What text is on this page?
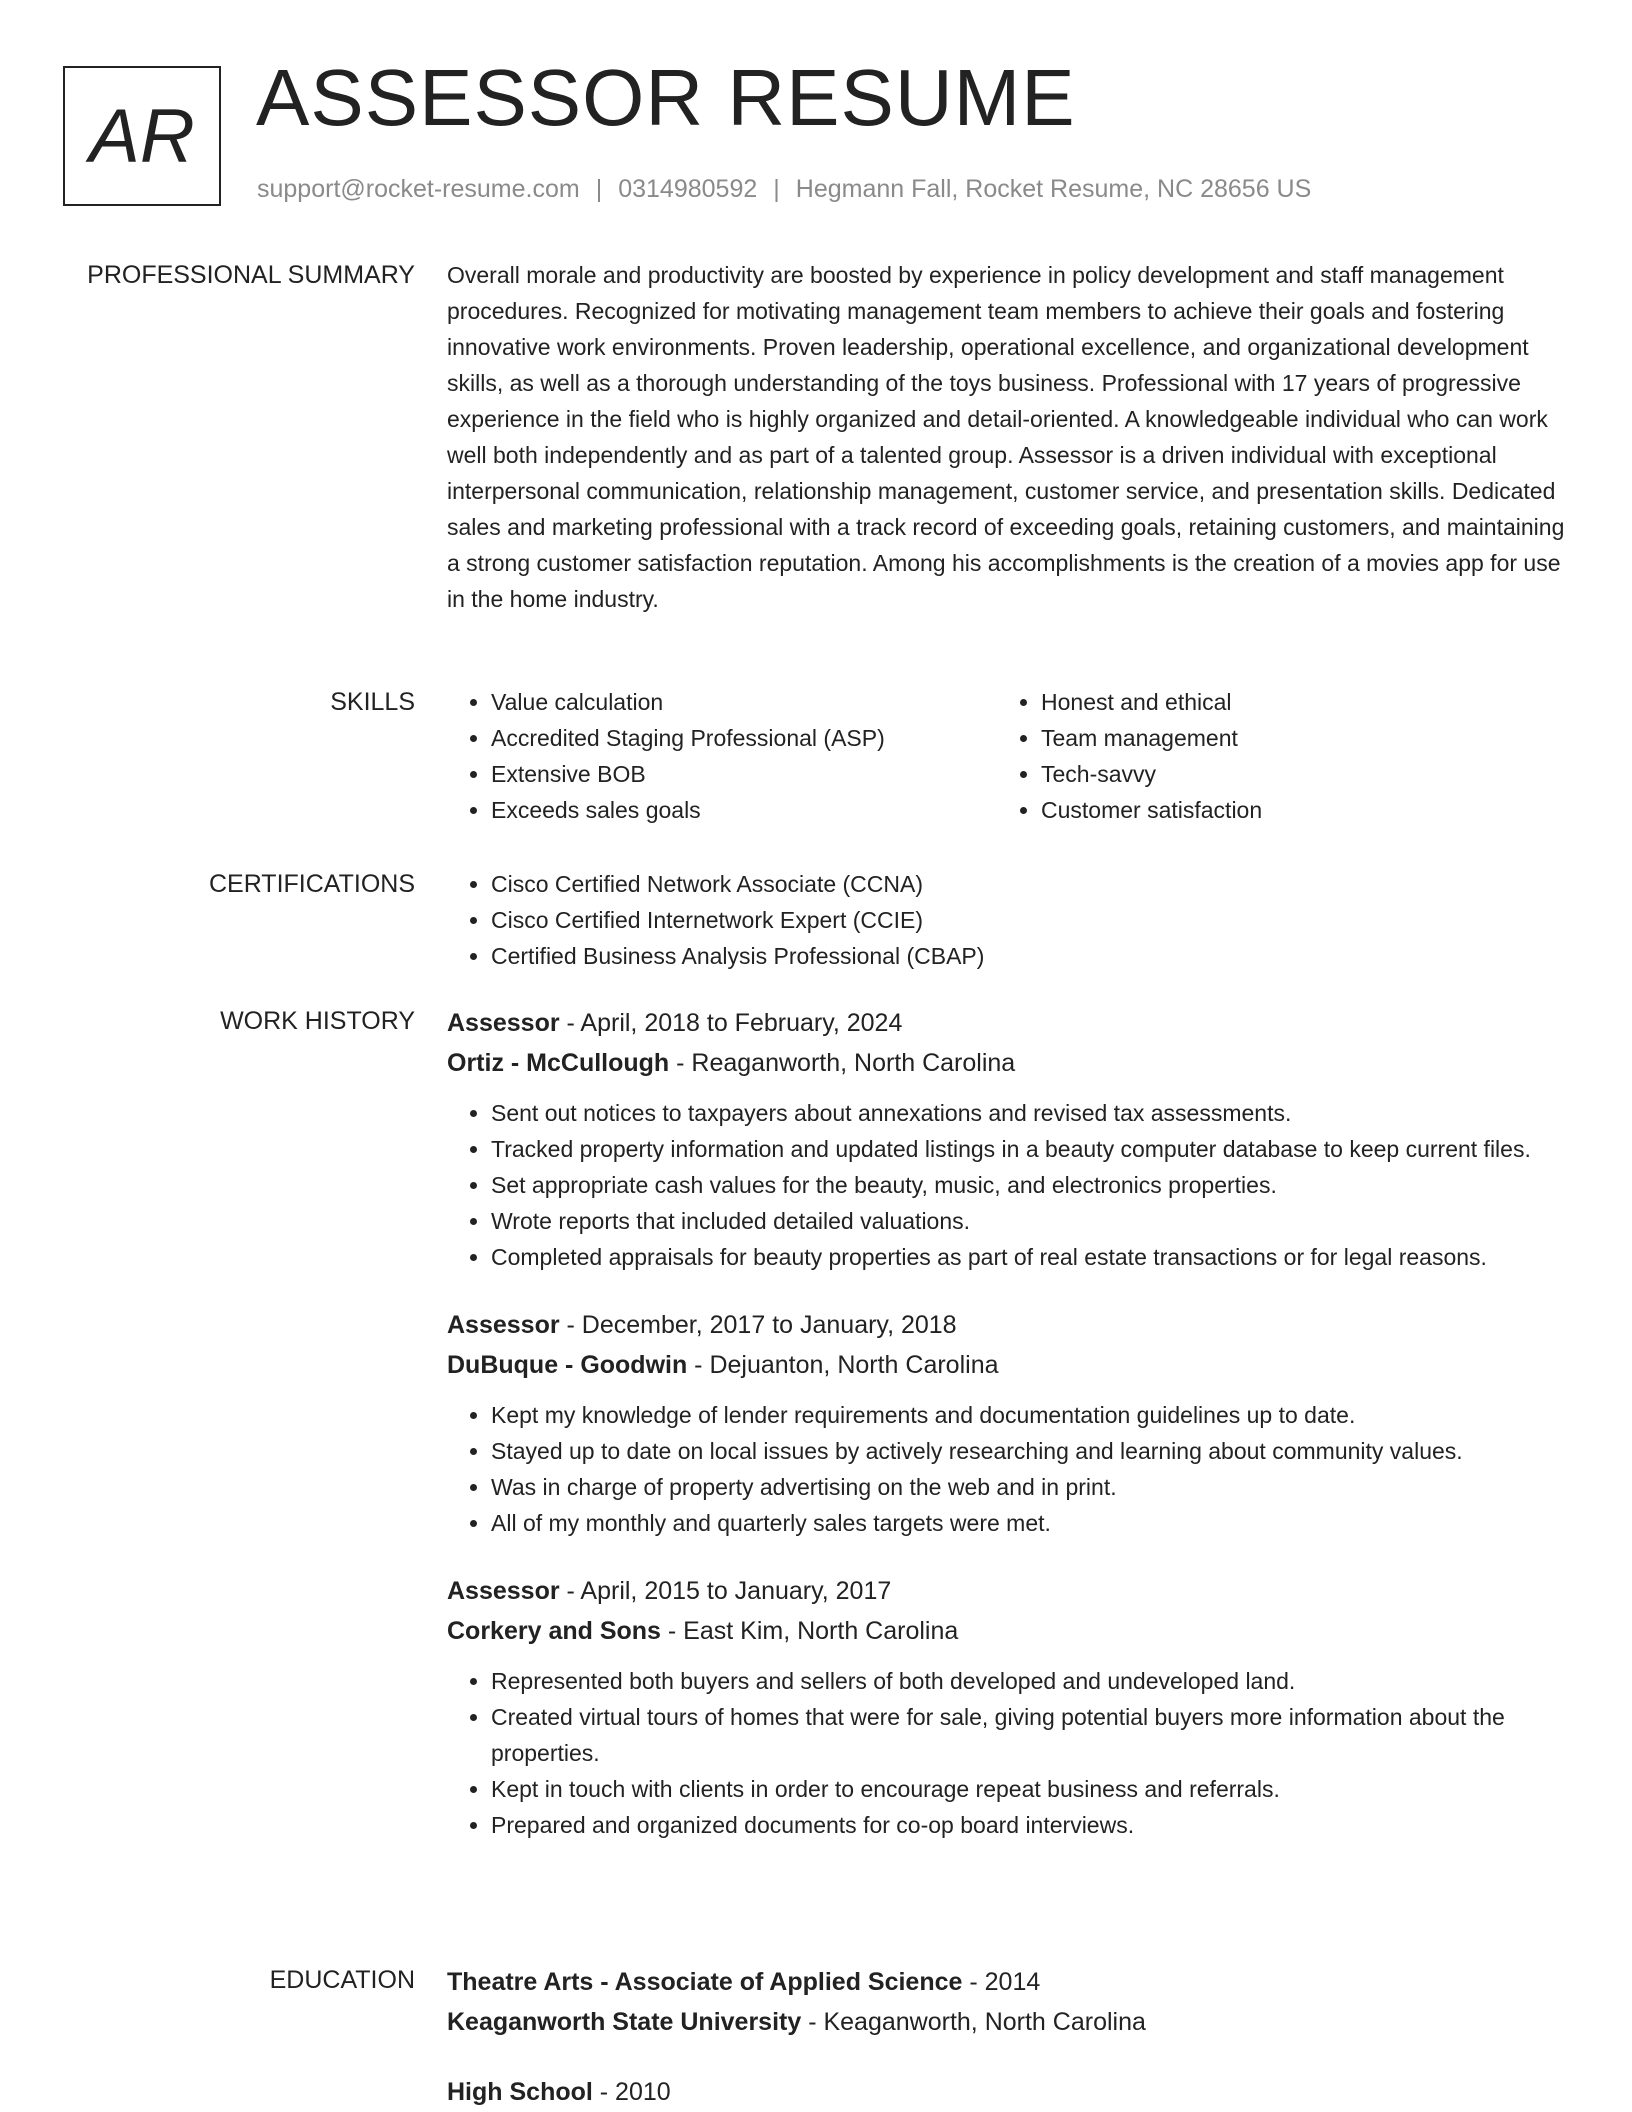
AR ASSESSOR RESUME
support@rocket-resume.com | 0314980592 | Hegmann Fall, Rocket Resume, NC 28656 US
PROFESSIONAL SUMMARY Overall morale and productivity are boosted by experience in policy development and staff management procedures. Recognized for motivating management team members to achieve their goals and fostering innovative work environments. Proven leadership, operational excellence, and organizational development skills, as well as a thorough understanding of the toys business. Professional with 17 years of progressive experience in the field who is highly organized and detail-oriented. A knowledgeable individual who can work well both independently and as part of a talented group. Assessor is a driven individual with exceptional interpersonal communication, relationship management, customer service, and presentation skills. Dedicated sales and marketing professional with a track record of exceeding goals, retaining customers, and maintaining a strong customer satisfaction reputation. Among his accomplishments is the creation of a movies app for use in the home industry.
SKILLS	• Value calculation
• Accredited Staging Professional (ASP)
• Extensive BOB
• Exceeds sales goals
• Honest and ethical
• Team management
• Tech-savvy
• Customer satisfaction
CERTIFICATIONS	• Cisco Certified Network Associate (CCNA)
• Cisco Certified Internetwork Expert (CCIE)
• Certified Business Analysis Professional (CBAP)
WORK HISTORY Assessor - April, 2018 to February, 2024
Ortiz - McCullough - Reaganworth, North Carolina
• Sent out notices to taxpayers about annexations and revised tax assessments.
• Tracked property information and updated listings in a beauty computer database to keep current files.
• Set appropriate cash values for the beauty, music, and electronics properties.
• Wrote reports that included detailed valuations.
• Completed appraisals for beauty properties as part of real estate transactions or for legal reasons.
Assessor - December, 2017 to January, 2018
DuBuque - Goodwin - Dejuanton, North Carolina
• Kept my knowledge of lender requirements and documentation guidelines up to date.
• Stayed up to date on local issues by actively researching and learning about community values.
• Was in charge of property advertising on the web and in print.
• All of my monthly and quarterly sales targets were met.
Assessor - April, 2015 to January, 2017
Corkery and Sons - East Kim, North Carolina
• Represented both buyers and sellers of both developed and undeveloped land.
• Created virtual tours of homes that were for sale, giving potential buyers more information about the properties.
• Kept in touch with clients in order to encourage repeat business and referrals.
• Prepared and organized documents for co-op board interviews.
EDUCATION Theatre Arts - Associate of Applied Science - 2014
Keaganworth State University - Keaganworth, North Carolina
High School - 2010
